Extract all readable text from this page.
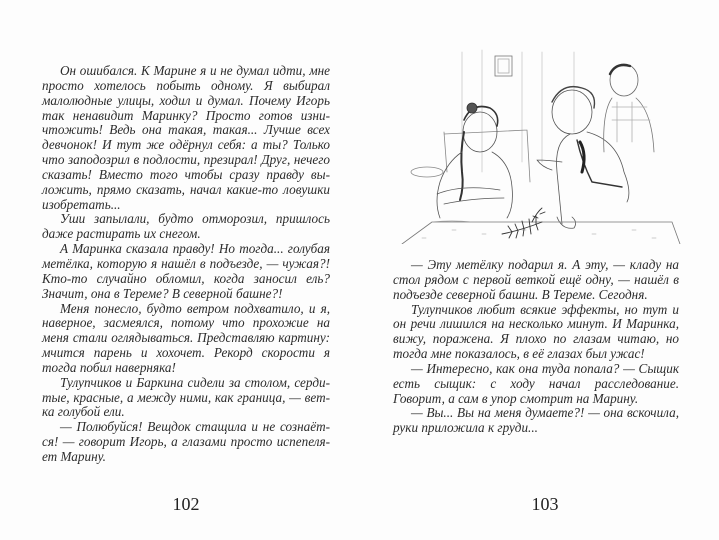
Он ошибался. К Марине я и не думал идти, мне просто хотелось побыть одному. Я выбирал малолюдные улицы, ходил и думал. Почему Игорь так ненавидит Маринку? Просто готов изничтожить! Ведь она такая, такая... Лучше всех девчонок! И тут же одёрнул себя: а ты? Только что заподозрил в подлости, презирал! Друг, нечего сказать! Вместо того чтобы сразу правду выложить, прямо сказать, начал какие-то ловушки изобретать...

Уши запылали, будто отморозил, пришлось даже растирать их снегом.

А Маринка сказала правду! Но тогда... голубая метёлка, которую я нашёл в подъезде, — чужая?! Кто-то случайно обломил, когда заносил ель? Значит, она в Тереме? В северной башне?!

Меня понесло, будто ветром подхватило, и я, наверное, засмеялся, потому что прохожие на меня стали оглядываться. Представляю картину: мчится парень и хохочет. Рекорд скорости я тогда побил наверняка!

Тулупчиков и Баркина сидели за столом, сердитые, красные, а между ними, как граница, — ветка голубой ели.

— Полюбуйся! Вещдок стащила и не сознаётся! — говорит Игорь, а глазами просто испепеляет Марину.

102

— Эту метёлку подарил я. А эту, — кладу на стол рядом с первой веткой ещё одну, — нашёл в подъезде северной башни. В Тереме. Сегодня.

Тулупчиков любит всякие эффекты, но тут и он речи лишился на несколько минут. И Маринка, вижу, поражена. Я плохо по глазам читаю, но тогда мне показалось, в её глазах был ужас!

— Интересно, как она туда попала? — Сыщик есть сыщик: с ходу начал расследование. Говорит, а сам в упор смотрит на Марину.

— Вы... Вы на меня думаете?! — она вскочила, руки приложила к груди...

103
